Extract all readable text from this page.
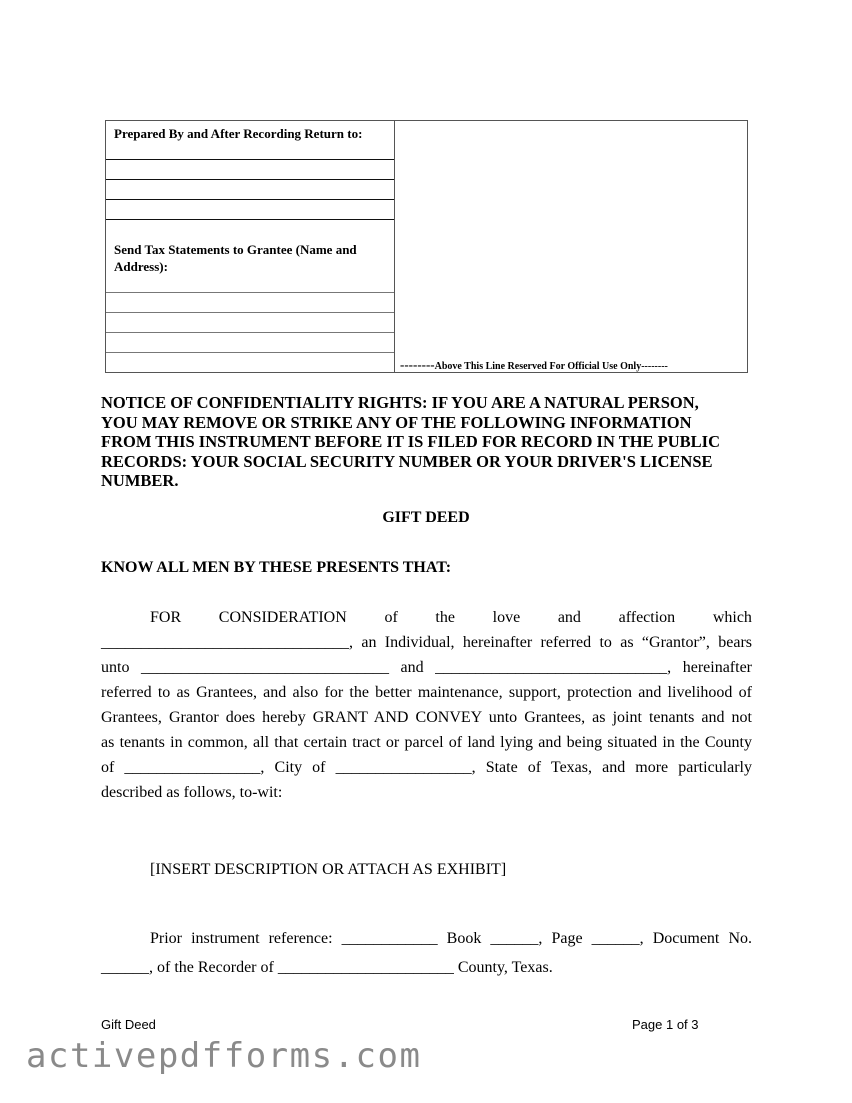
Prepared By and After Recording Return to:
Send Tax Statements to Grantee (Name and
Address):
--------Above This Line Reserved For Official Use Only--------
NOTICE OF CONFIDENTIALITY RIGHTS: IF YOU ARE A NATURAL PERSON,
YOU MAY REMOVE OR STRIKE ANY OF THE FOLLOWING INFORMATION
FROM THIS INSTRUMENT BEFORE IT IS FILED FOR RECORD IN THE PUBLIC
RECORDS: YOUR SOCIAL SECURITY NUMBER OR YOUR DRIVER'S LICENSE
NUMBER.
GIFT DEED
KNOW ALL MEN BY THESE PRESENTS THAT:
FOR CONSIDERATION of the love and affection which
_______________________________, an Individual, hereinafter referred to as “Grantor”, bears
unto _______________________________ and _____________________________, hereinafter
referred to as Grantees, and also for the better maintenance, support, protection and livelihood of
Grantees, Grantor does hereby GRANT AND CONVEY unto Grantees, as joint tenants and not
as tenants in common, all that certain tract or parcel of land lying and being situated in the County
of _________________, City of _________________, State of Texas, and more particularly
described as follows, to-wit:
[INSERT DESCRIPTION OR ATTACH AS EXHIBIT]
Prior instrument reference: ____________ Book ______, Page ______, Document No.
______, of the Recorder of ______________________ County, Texas.
Gift Deed	Page 1 of 3
activepdfforms.com
